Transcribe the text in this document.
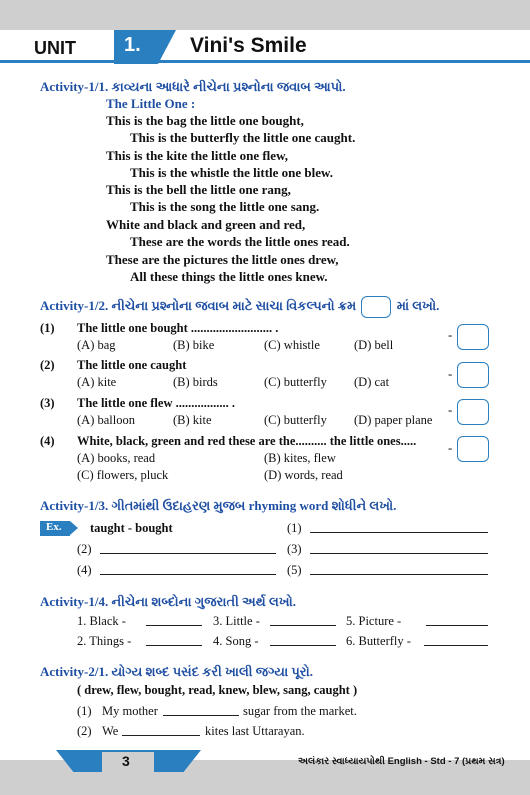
UNIT 1. Vini's Smile
Activity-1/1. કાવ્યના આધારે નીચેના પ્રશ્નોના જવાબ આપો.
The Little One :
This is the bag the little one bought,
This is the butterfly the little one caught.
This is the kite the little one flew,
This is the whistle the little one blew.
This is the bell the little one rang,
This is the song the little one sang.
White and black and green and red,
These are the words the little ones read.
These are the pictures the little ones drew,
All these things the little ones knew.
Activity-1/2. નીચેના પ્રશ્નોના જવાબ માટે સાચા વિકલ્પનો ક્રમ	માં લખો.
(1) The little one bought .......................... .
(A) bag	(B) bike	(C) whistle	(D) bell
-
(2) The little one caught
(A) kite	(B) birds	(C) butterfly (D) cat
-
(3) The little one flew ................. .
(A) balloon	(B) kite	(C) butterfly (D) paper plane
-
(4) White, black, green and red these are the.......... the little ones.....
(A) books, read	(B) kites, flew
(C) flowers, pluck	(D) words, read
-
Activity-1/3. ગીતમાંથી ઉદાહરણ મુજબ rhyming word શોધીને લખો.
Ex. taught - bought	(1)
(2)	(3)
(4)	(5)
Activity-1/4. નીચેના શબ્દોના ગુજરાતી અર્થ લખો.
1. Black -	3. Little -	5. Picture -
2. Things -	4. Song -	6. Butterfly -
Activity-2/1. યોગ્ય શબ્દ પસંદ કરી ખાલી જગ્યા પૂરો.
( drew, flew, bought, read, knew, blew, sang, caught )
(1) My mother	sugar from the market.
(2) We	kites last Uttarayan.
3	અલંકાર સ્વાધ્યાયપોથી English - Std - 7 (પ્રથમ સત્ર)
